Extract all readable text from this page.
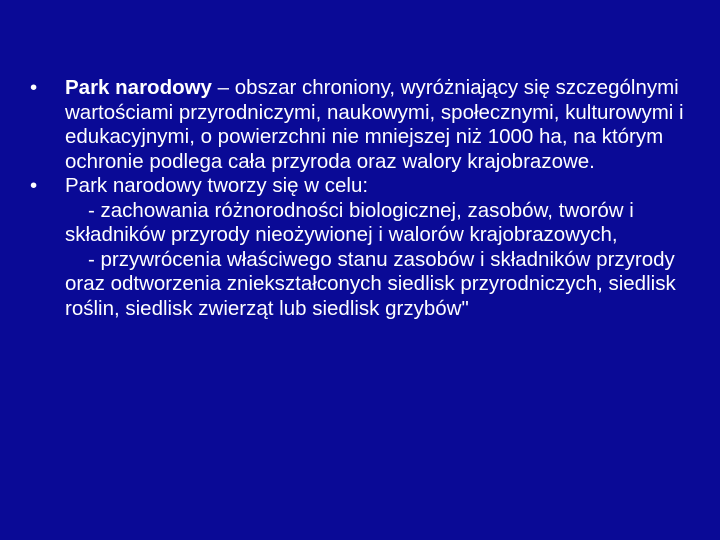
•	Park narodowy – obszar chroniony, wyróżniający się szczególnymi wartościami przyrodniczymi, naukowymi, społecznymi, kulturowymi i edukacyjnymi, o powierzchni nie mniejszej niż 1000 ha, na którym ochronie podlega cała przyroda oraz walory krajobrazowe.
•	Park narodowy tworzy się w celu:
- zachowania różnorodności biologicznej, zasobów, tworów i składników przyrody nieożywionej i walorów krajobrazowych,
- przywrócenia właściwego stanu zasobów i składników przyrody oraz odtworzenia zniekształconych siedlisk przyrodniczych, siedlisk roślin, siedlisk zwierząt lub siedlisk grzybów"
